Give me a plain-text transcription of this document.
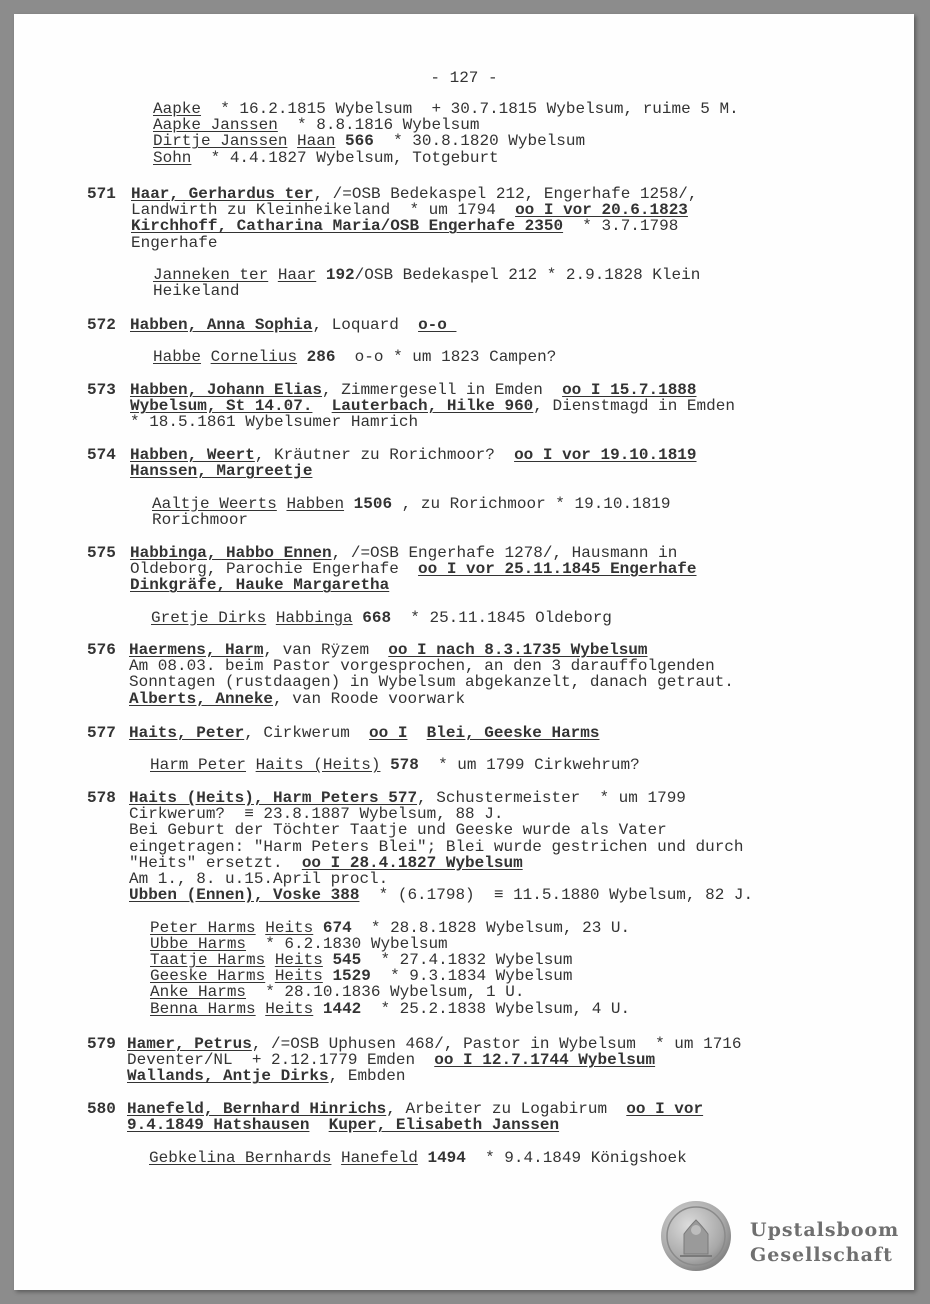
- 127 -
Aapke  * 16.2.1815 Wybelsum  + 30.7.1815 Wybelsum, ruime 5 M.
Aapke Janssen  * 8.8.1816 Wybelsum
Dirtje Janssen Haan 566  * 30.8.1820 Wybelsum
Sohn  * 4.4.1827 Wybelsum, Totgeburt
571 Haar, Gerhardus ter, /=OSB Bedekaspel 212, Engerhafe 1258/,
Landwirth zu Kleinheikeland  * um 1794  oo I vor 20.6.1823
Kirchhoff, Catharina Maria/OSB Engerhafe 2350  * 3.7.1798
Engerhafe
Janneken ter Haar 192/OSB Bedekaspel 212 * 2.9.1828 Klein
Heikeland
572 Habben, Anna Sophia, Loquard  o-o
Habbe Cornelius 286  o-o * um 1823 Campen?
573 Habben, Johann Elias, Zimmergesell in Emden  oo I 15.7.1888
Wybelsum, St 14.07. Lauterbach, Hilke 960, Dienstmagd in Emden
* 18.5.1861 Wybelsumer Hamrich
574 Habben, Weert, Kräutner zu Rorichmoor?  oo I vor 19.10.1819
Hanssen, Margreetje
Aaltje Weerts Habben 1506 , zu Rorichmoor * 19.10.1819
Rorichmoor
575 Habbinga, Habbo Ennen, /=OSB Engerhafe 1278/, Hausmann in
Oldeborg, Parochie Engerhafe  oo I vor 25.11.1845 Engerhafe
Dinkgräfe, Hauke Margaretha
Gretje Dirks Habbinga 668  * 25.11.1845 Oldeborg
576 Haermens, Harm, van Rÿzem  oo I nach 8.3.1735 Wybelsum
Am 08.03. beim Pastor vorgesprochen, an den 3 darauffolgenden
Sonntagen (rustdaagen) in Wybelsum abgekanzelt, danach getraut.
Alberts, Anneke, van Roode voorwark
577 Haits, Peter, Cirkwerum  oo I Blei, Geeske Harms
Harm Peter Haits (Heits) 578  * um 1799 Cirkwehrum?
578 Haits (Heits), Harm Peters 577, Schustermeister  * um 1799
Cirkwerum?  ≡ 23.8.1887 Wybelsum, 88 J.
Bei Geburt der Töchter Taatje und Geeske wurde als Vater
eingetragen: "Harm Peters Blei"; Blei wurde gestrichen und durch
"Heits" ersetzt.  oo I 28.4.1827 Wybelsum
Am 1., 8. u.15.April procl.
Ubben (Ennen), Voske 388  * (6.1798)  ≡ 11.5.1880 Wybelsum, 82 J.
Peter Harms Heits 674  * 28.8.1828 Wybelsum, 23 U.
Ubbe Harms  * 6.2.1830 Wybelsum
Taatje Harms Heits 545  * 27.4.1832 Wybelsum
Geeske Harms Heits 1529  * 9.3.1834 Wybelsum
Anke Harms  * 28.10.1836 Wybelsum, 1 U.
Benna Harms Heits 1442  * 25.2.1838 Wybelsum, 4 U.
579 Hamer, Petrus, /=OSB Uphusen 468/, Pastor in Wybelsum  * um 1716
Deventer/NL  + 2.12.1779 Emden  oo I 12.7.1744 Wybelsum
Wallands, Antje Dirks, Embden
580 Hanefeld, Bernhard Hinrichs, Arbeiter zu Logabirum  oo I vor
9.4.1849 Hatshausen Kuper, Elisabeth Janssen
Gebkelina Bernhards Hanefeld 1494  * 9.4.1849 Königshoek
Upstalsboom
Gesellschaft
